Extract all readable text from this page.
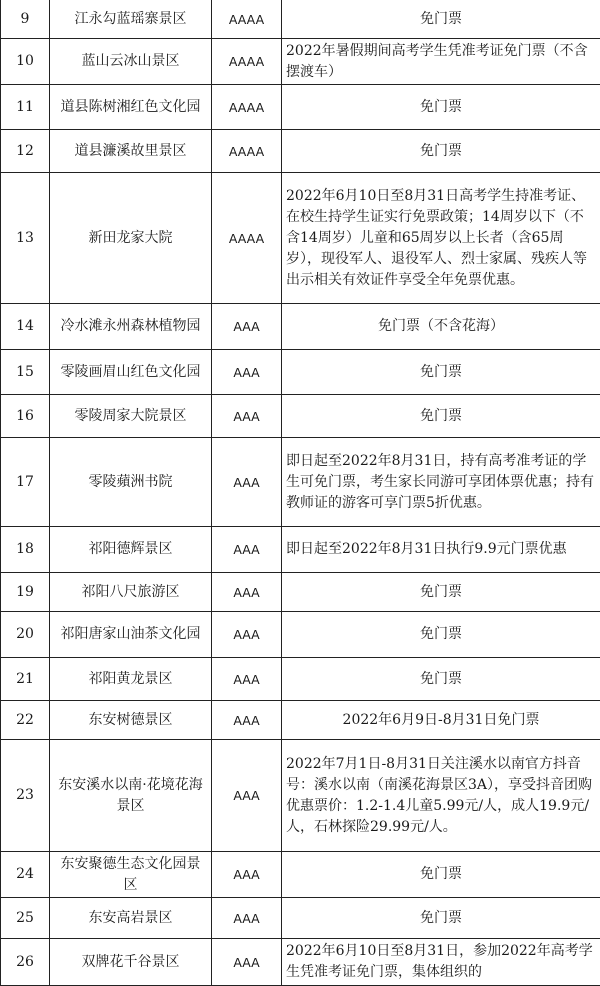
9	江永勾蓝瑶寨景区	AAAA	免门票
10	蓝山云冰山景区	AAAA	2022年暑假期间高考学生凭准考证免门票（不含摆渡车）
11	道县陈树湘红色文化园	AAAA	免门票
12	道县濂溪故里景区	AAAA	免门票
13	新田龙家大院	AAAA	2022年6月10日至8月31日高考学生持准考证、在校生持学生证实行免票政策；14周岁以下（不含14周岁）儿童和65周岁以上长者（含65周岁），现役军人、退役军人、烈士家属、残疾人等出示相关有效证件享受全年免票优惠。
14	冷水滩永州森林植物园	AAA	免门票（不含花海）
15	零陵画眉山红色文化园	AAA	免门票
16	零陵周家大院景区	AAA	免门票
17	零陵蘋洲书院	AAA	即日起至2022年8月31日，持有高考准考证的学生可免门票，考生家长同游可享团体票优惠；持有教师证的游客可享门票5折优惠。
18	祁阳德辉景区	AAA	即日起至2022年8月31日执行9.9元门票优惠
19	祁阳八尺旅游区	AAA	免门票
20	祁阳唐家山油茶文化园	AAA	免门票
21	祁阳黄龙景区	AAA	免门票
22	东安树德景区	AAA	2022年6月9日-8月31日免门票
23	东安溪水以南·花境花海景区	AAA	2022年7月1日-8月31日关注溪水以南官方抖音号：溪水以南（南溪花海景区3A），享受抖音团购优惠票价：1.2-1.4儿童5.99元/人，成人19.9元/人，石林探险29.99元/人。
24	东安聚德生态文化园景区	AAA	免门票
25	东安高岩景区	AAA	免门票
26	双牌花千谷景区	AAA	2022年6月10日至8月31日，参加2022年高考学生凭准考证免门票，集体组织的
